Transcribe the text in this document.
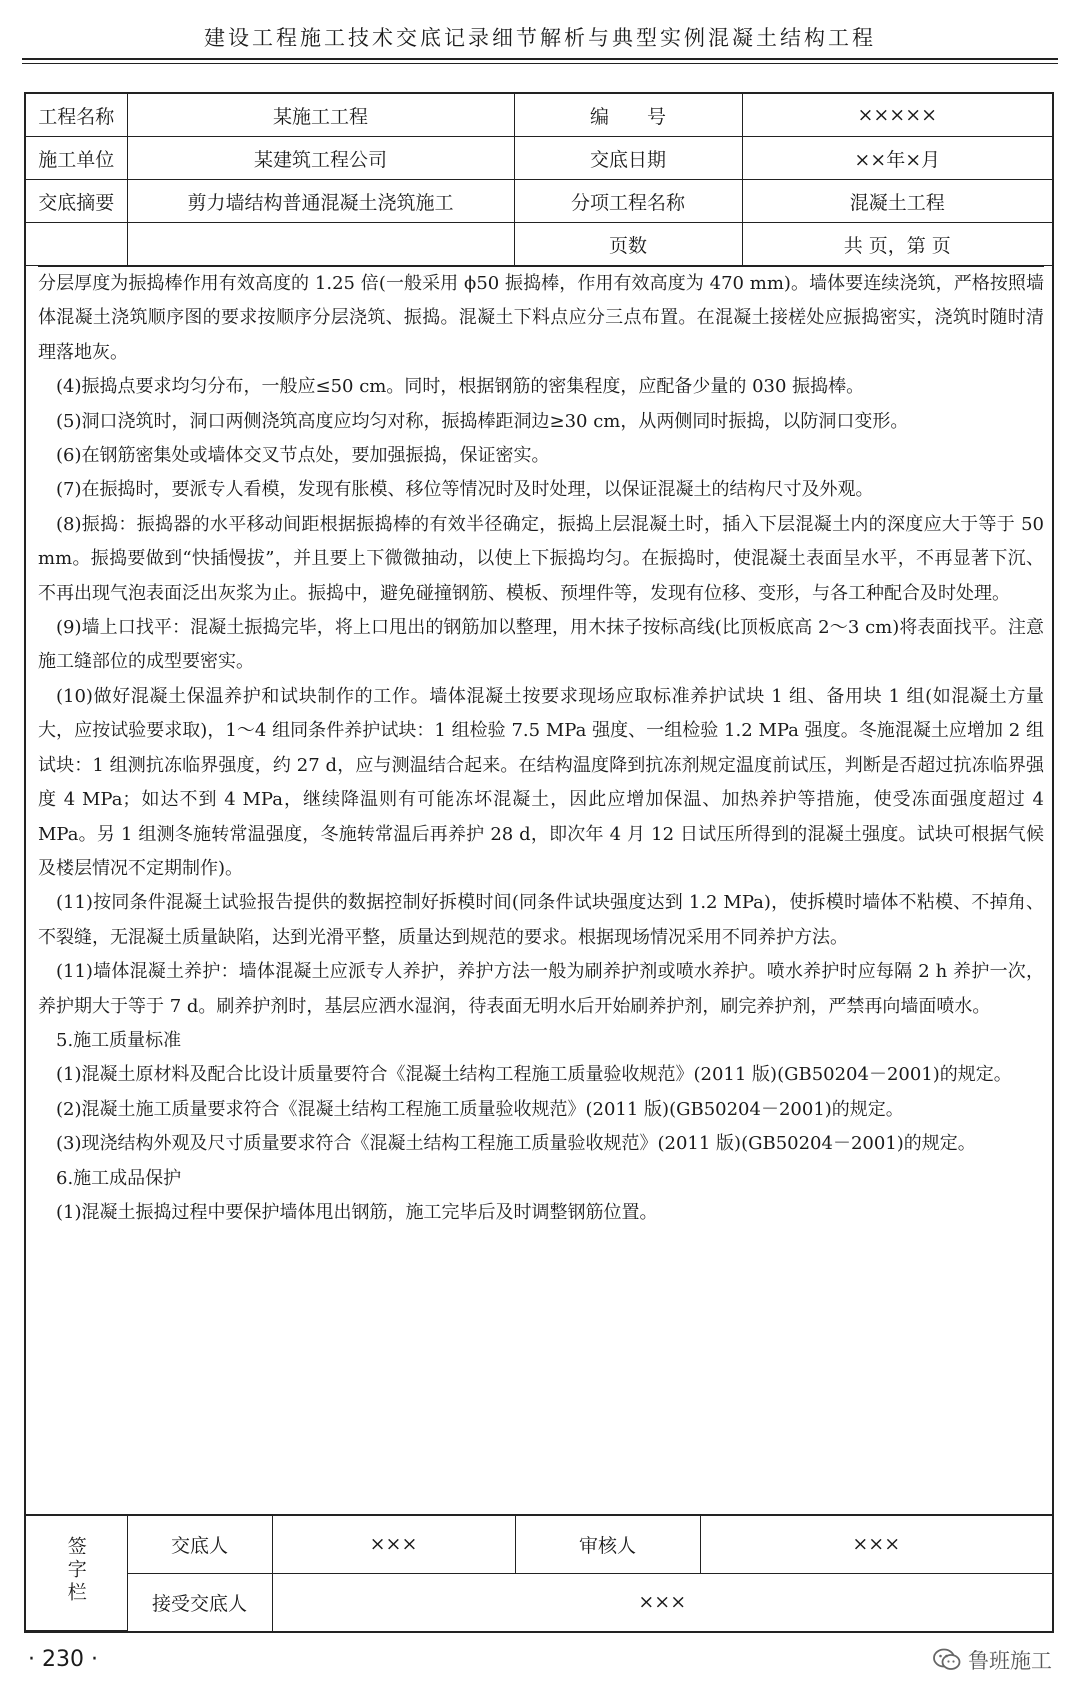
建设工程施工技术交底记录细节解析与典型实例混凝土结构工程
工程名称	某施工工程	编　　号	×××××
施工单位	某建筑工程公司	交底日期	××年×月
交底摘要	剪力墙结构普通混凝土浇筑施工	分项工程名称	混凝土工程
		页数	共 页，第 页

分层厚度为振捣棒作用有效高度的 1.25 倍(一般采用 ϕ50 振捣棒，作用有效高度为 470 mm)。墙体要连续浇筑，严格按照墙体混凝土浇筑顺序图的要求按顺序分层浇筑、振捣。混凝土下料点应分三点布置。在混凝土接槎处应振捣密实，浇筑时随时清理落地灰。

(4)振捣点要求均匀分布，一般应≤50 cm。同时，根据钢筋的密集程度，应配备少量的 030 振捣棒。

(5)洞口浇筑时，洞口两侧浇筑高度应均匀对称，振捣棒距洞边≥30 cm，从两侧同时振捣，以防洞口变形。

(6)在钢筋密集处或墙体交叉节点处，要加强振捣，保证密实。

(7)在振捣时，要派专人看模，发现有胀模、移位等情况时及时处理，以保证混凝土的结构尺寸及外观。

(8)振捣：振捣器的水平移动间距根据振捣棒的有效半径确定，振捣上层混凝土时，插入下层混凝土内的深度应大于等于 50 mm。振捣要做到“快插慢拔”，并且要上下微微抽动，以使上下振捣均匀。在振捣时，使混凝土表面呈水平，不再显著下沉、不再出现气泡表面泛出灰浆为止。振捣中，避免碰撞钢筋、模板、预埋件等，发现有位移、变形，与各工种配合及时处理。

(9)墙上口找平：混凝土振捣完毕，将上口甩出的钢筋加以整理，用木抹子按标高线(比顶板底高 2～3 cm)将表面找平。注意施工缝部位的成型要密实。

(10)做好混凝土保温养护和试块制作的工作。墙体混凝土按要求现场应取标准养护试块 1 组、备用块 1 组(如混凝土方量大，应按试验要求取)，1～4 组同条件养护试块：1 组检验 7.5 MPa 强度、一组检验 1.2 MPa 强度。冬施混凝土应增加 2 组试块：1 组测抗冻临界强度，约 27 d，应与测温结合起来。在结构温度降到抗冻剂规定温度前试压，判断是否超过抗冻临界强度 4 MPa；如达不到 4 MPa，继续降温则有可能冻坏混凝土，因此应增加保温、加热养护等措施，使受冻面强度超过 4 MPa。另 1 组测冬施转常温强度，冬施转常温后再养护 28 d，即次年 4 月 12 日试压所得到的混凝土强度。试块可根据气候及楼层情况不定期制作)。

(11)按同条件混凝土试验报告提供的数据控制好拆模时间(同条件试块强度达到 1.2 MPa)，使拆模时墙体不粘模、不掉角、不裂缝，无混凝土质量缺陷，达到光滑平整，质量达到规范的要求。根据现场情况采用不同养护方法。

(11)墙体混凝土养护：墙体混凝土应派专人养护，养护方法一般为刷养护剂或喷水养护。喷水养护时应每隔 2 h 养护一次，养护期大于等于 7 d。刷养护剂时，基层应洒水湿润，待表面无明水后开始刷养护剂，刷完养护剂，严禁再向墙面喷水。

5.施工质量标准

(1)混凝土原材料及配合比设计质量要符合《混凝土结构工程施工质量验收规范》(2011 版)(GB50204－2001)的规定。

(2)混凝土施工质量要求符合《混凝土结构工程施工质量验收规范》(2011 版)(GB50204－2001)的规定。

(3)现浇结构外观及尺寸质量要求符合《混凝土结构工程施工质量验收规范》(2011 版)(GB50204－2001)的规定。

6.施工成品保护

(1)混凝土振捣过程中要保护墙体甩出钢筋，施工完毕后及时调整钢筋位置。

签字栏	交底人	×××	审核人	×××
	接受交底人	×××		
· 230 ·	鲁班施工
